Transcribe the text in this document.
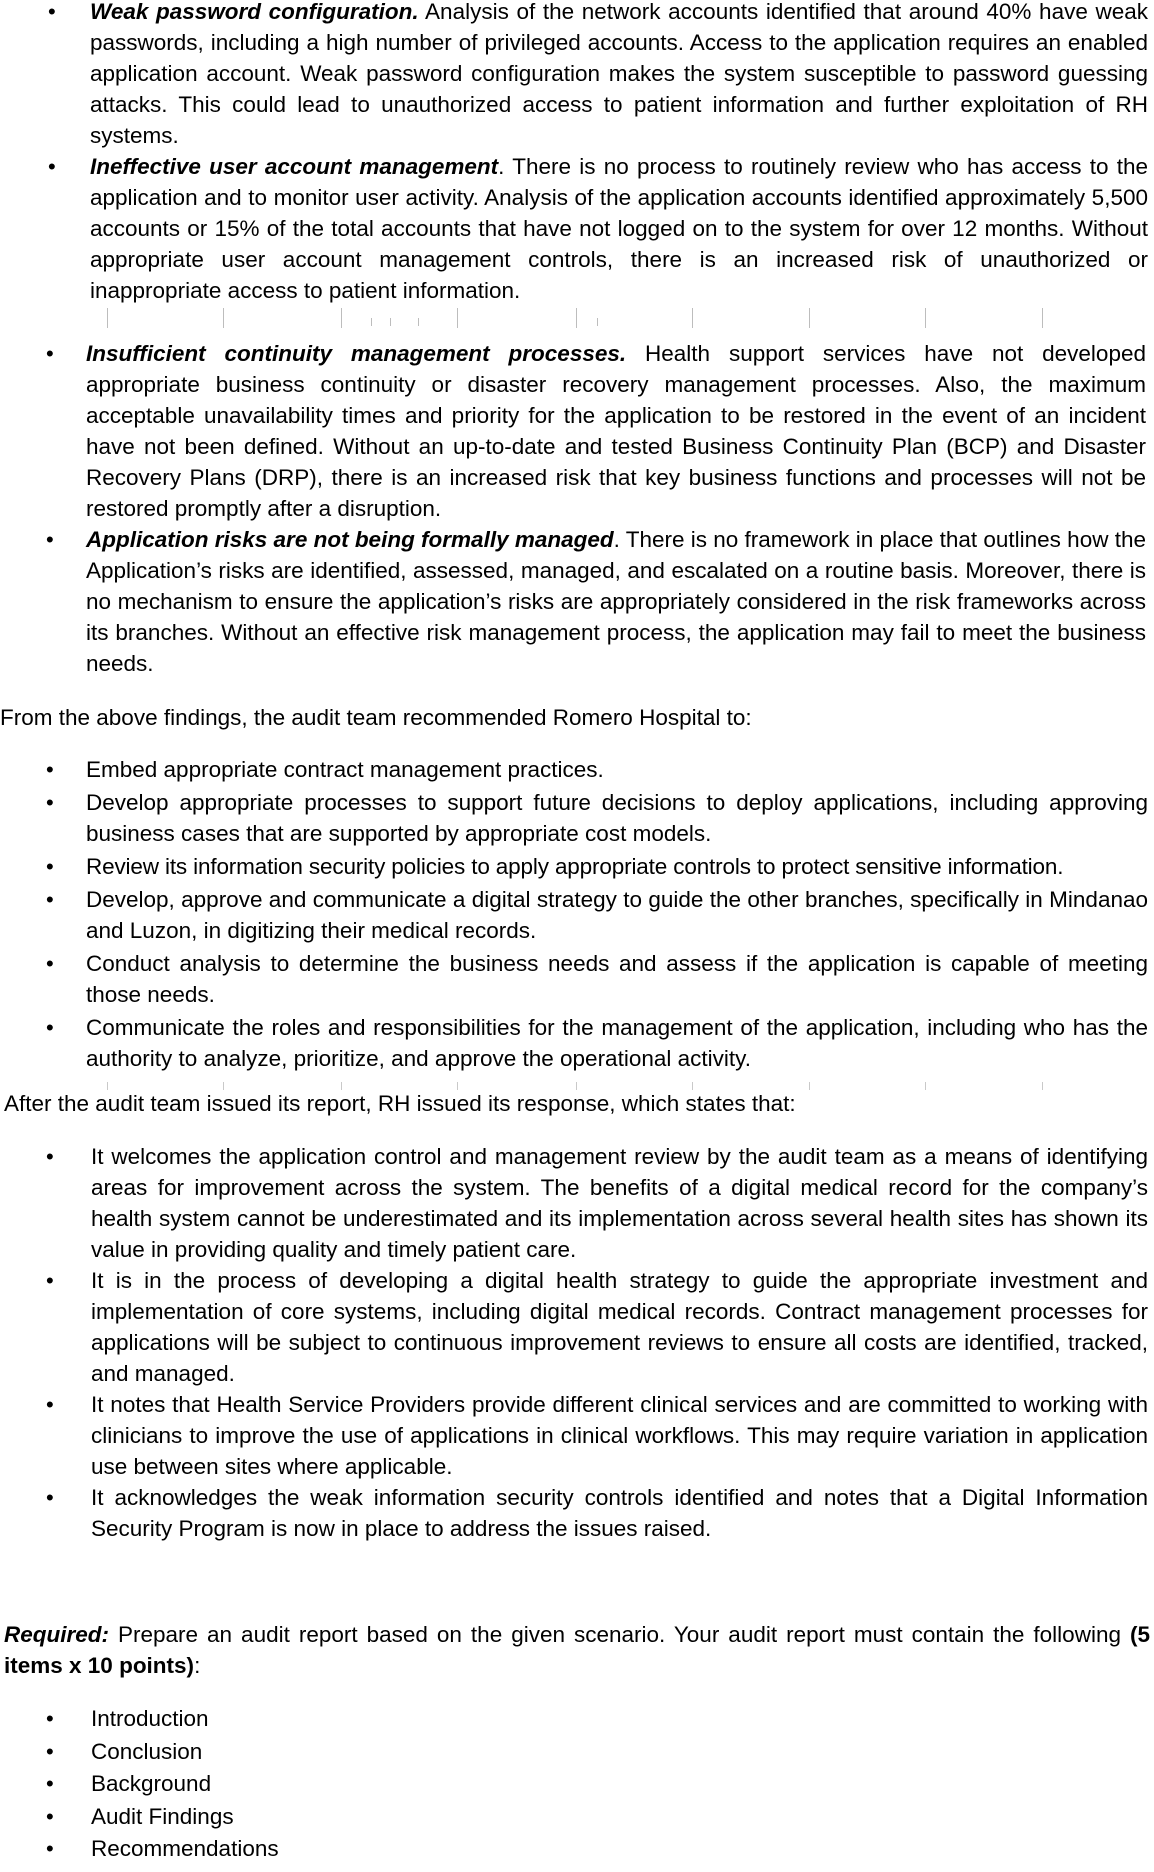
•
Weak password configuration. Analysis of the network accounts identified that around 40% have weak passwords, including a high number of privileged accounts. Access to the application requires an enabled application account. Weak password configuration makes the system susceptible to password guessing attacks. This could lead to unauthorized access to patient information and further exploitation of RH systems.
•
Ineffective user account management. There is no process to routinely review who has access to the application and to monitor user activity. Analysis of the application accounts identified approximately 5,500 accounts or 15% of the total accounts that have not logged on to the system for over 12 months. Without appropriate user account management controls, there is an increased risk of unauthorized or inappropriate access to patient information.
•
Insufficient continuity management processes. Health support services have not developed appropriate business continuity or disaster recovery management processes. Also, the maximum acceptable unavailability times and priority for the application to be restored in the event of an incident have not been defined. Without an up-to-date and tested Business Continuity Plan (BCP) and Disaster Recovery Plans (DRP), there is an increased risk that key business functions and processes will not be restored promptly after a disruption.
•
Application risks are not being formally managed. There is no framework in place that outlines how the Application’s risks are identified, assessed, managed, and escalated on a routine basis. Moreover, there is no mechanism to ensure the application’s risks are appropriately considered in the risk frameworks across its branches. Without an effective risk management process, the application may fail to meet the business needs.
From the above findings, the audit team recommended Romero Hospital to:
•
Embed appropriate contract management practices.
•
Develop appropriate processes to support future decisions to deploy applications, including approving business cases that are supported by appropriate cost models.
•
Review its information security policies to apply appropriate controls to protect sensitive information.
•
Develop, approve and communicate a digital strategy to guide the other branches, specifically in Mindanao and Luzon, in digitizing their medical records.
•
Conduct analysis to determine the business needs and assess if the application is capable of meeting those needs.
•
Communicate the roles and responsibilities for the management of the application, including who has the authority to analyze, prioritize, and approve the operational activity.
After the audit team issued its report, RH issued its response, which states that:
•
It welcomes the application control and management review by the audit team as a means of identifying areas for improvement across the system. The benefits of a digital medical record for the company’s health system cannot be underestimated and its implementation across several health sites has shown its value in providing quality and timely patient care.
•
It is in the process of developing a digital health strategy to guide the appropriate investment and implementation of core systems, including digital medical records. Contract management processes for applications will be subject to continuous improvement reviews to ensure all costs are identified, tracked, and managed.
•
It notes that Health Service Providers provide different clinical services and are committed to working with clinicians to improve the use of applications in clinical workflows. This may require variation in application use between sites where applicable.
•
It acknowledges the weak information security controls identified and notes that a Digital Information Security Program is now in place to address the issues raised.
Required: Prepare an audit report based on the given scenario. Your audit report must contain the following (5 items x 10 points):
•
Introduction
•
Conclusion
•
Background
•
Audit Findings
•
Recommendations
